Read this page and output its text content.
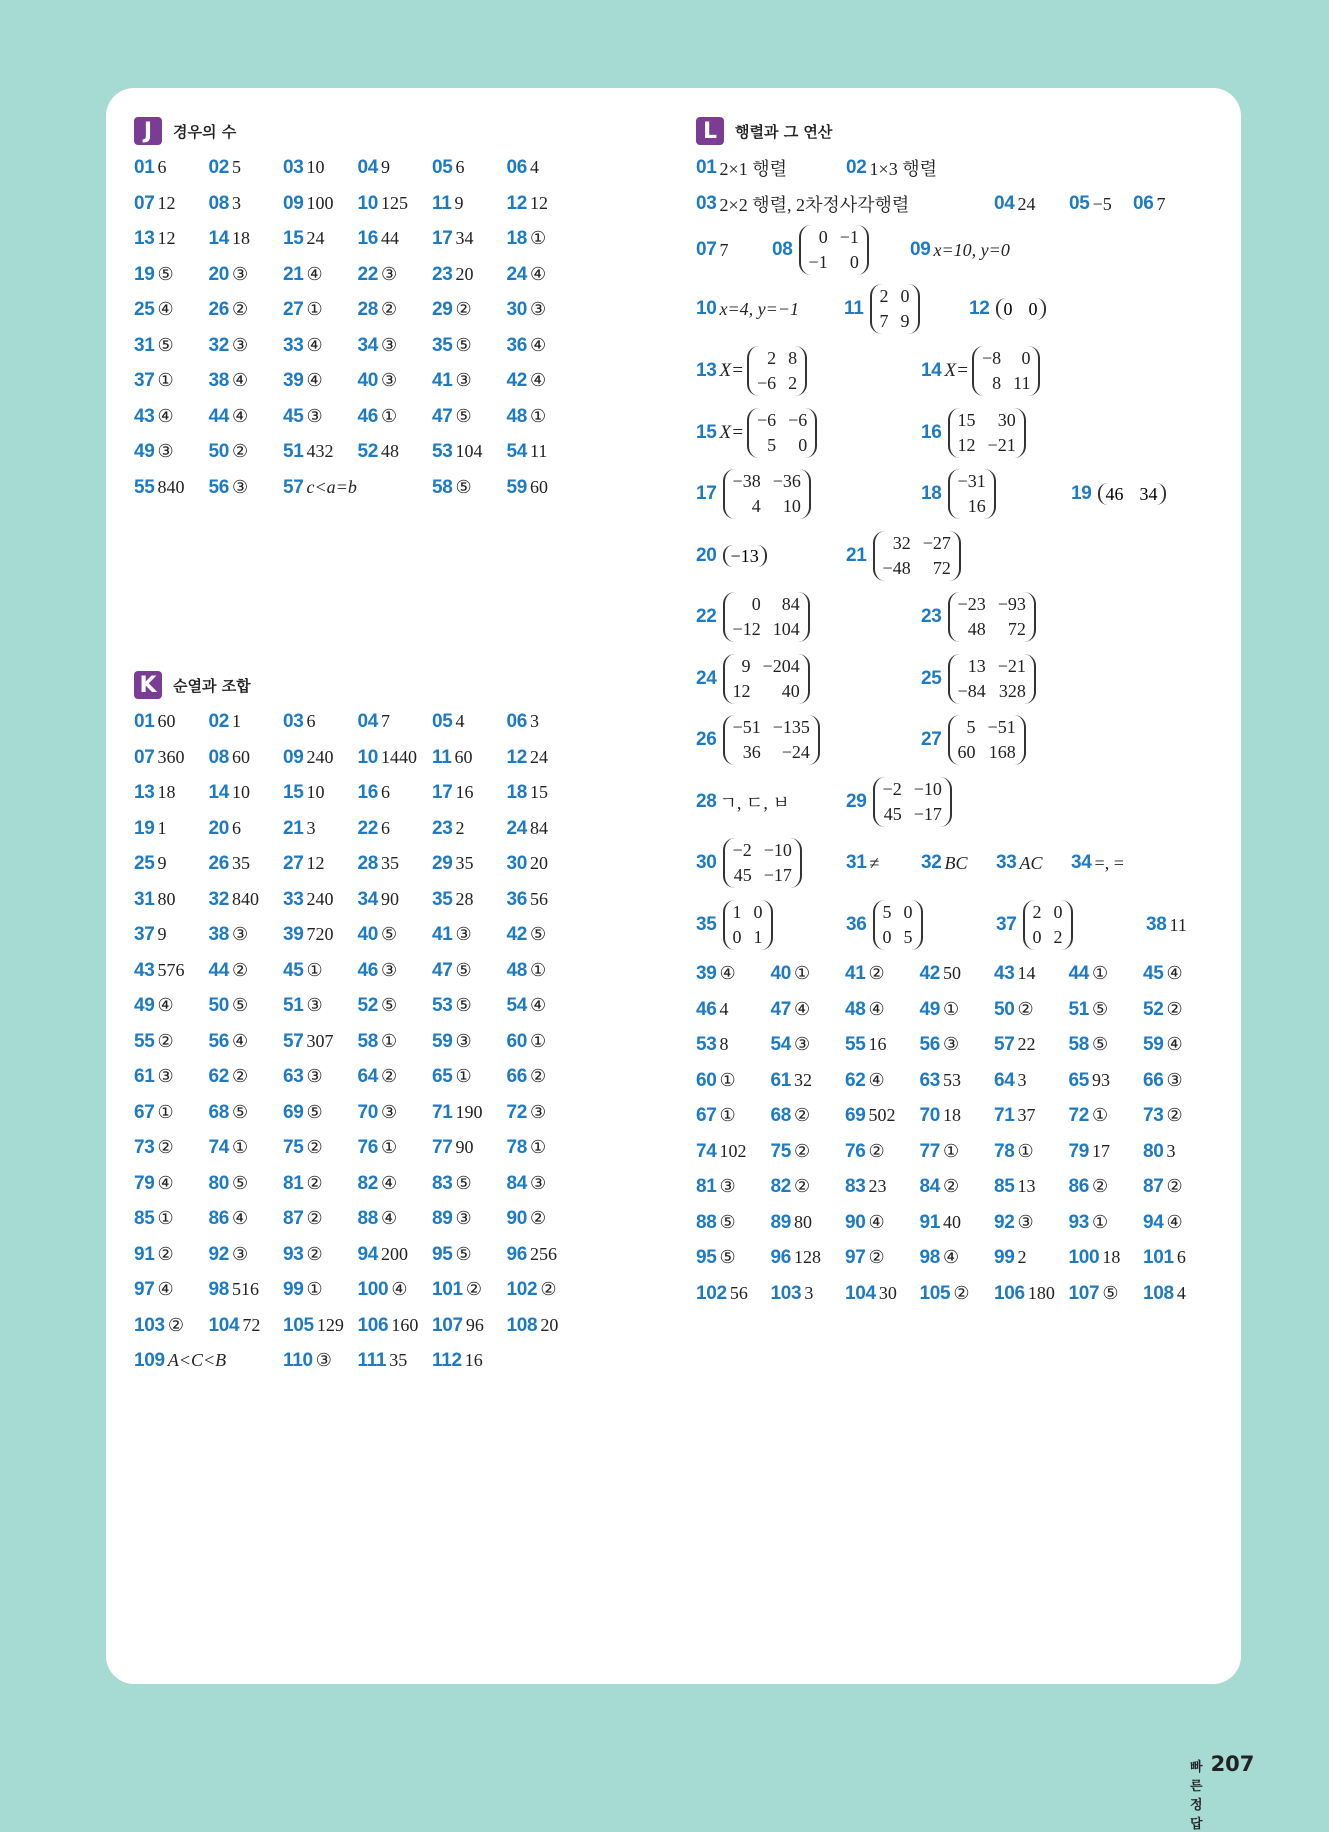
J	경우의 수
01 6	02 5	03 10	04 9	05 6	06 4
07 12	08 3	09 100	10 125	11 9	12 12
13 12	14 18	15 24	16 44	17 34	18 ①
19 ⑤	20 ③	21 ④	22 ③	23 20	24 ④
25 ④	26 ②	27 ①	28 ②	29 ②	30 ③
31 ⑤	32 ③	33 ④	34 ③	35 ⑤	36 ④
37 ①	38 ④	39 ④	40 ③	41 ③	42 ④
43 ④	44 ④	45 ③	46 ①	47 ⑤	48 ①
49 ③	50 ②	51 432	52 48	53 104	54 11
55 840	56 ③	57 c<a=b	58 ⑤	59 60
K	순열과 조합
01 60	02 1	03 6	04 7	05 4	06 3
07 360	08 60	09 240	10 1440 11 60	12 24
13 18	14 10	15 10	16 6	17 16	18 15
19 1	20 6	21 3	22 6	23 2	24 84
25 9	26 35	27 12	28 35	29 35	30 20
31 80	32 840	33 240	34 90	35 28	36 56
37 9	38 ③	39 720	40 ⑤	41 ③	42 ⑤
43 576	44 ②	45 ①	46 ③	47 ⑤	48 ①
49 ④	50 ⑤	51 ③	52 ⑤	53 ⑤	54 ④
55 ②	56 ④	57 307	58 ①	59 ③	60 ①
61 ③	62 ②	63 ③	64 ②	65 ①	66 ②
67 ①	68 ⑤	69 ⑤	70 ③	71 190	72 ③
73 ②	74 ①	75 ②	76 ①	77 90	78 ①
79 ④	80 ⑤	81 ②	82 ④	83 ⑤	84 ③
85 ①	86 ④	87 ②	88 ④	89 ③	90 ②
91 ②	92 ③	93 ②	94 200	95 ⑤	96 256
97 ④	98 516	99 ①	100 ④	101 ②	102 ②
103 ②	104 72	105 129 106 160 107 96	108 20
109 A<C<B	110 ③	111 35	112 16
L	행렬과 그 연산
01 2×1 행렬	02 1×3 행렬
03 2×2 행렬, 2차정사각행렬	04 24 05 −5 06 7
07 7 08
0 −1
−1	0
09 x=10, y=0
10 x=4, y=−1 11
2 0
7 9
12 0 0
13 X=
2 8
−6 2
14 X=
−8	0
8 11
15 X=
−6 −6
5	0
16
15	30
12 −21
17
−38 −36
4	10
18
−31
16
19 46 34
20 −13	21
32 −27
−48	72
22
0	84
−12 104
23
−23 −93
48	72
24
9 −204
12	40
25
13 −21
−84 328
26
−51 −135
36	−24
27
5 −51
60 168
28 ㄱ, ㄷ, ㅂ	29
−2 −10
45 −17
30
−2 −10
45 −17
31 ≠ 32 BC 33 AC 34 =, =
35
1 0
0 1
36
5 0
0 5
37
2 0
0 2
38 11
39 ④	40 ①	41 ②	42 50	43 14	44 ①	45 ④
46 4	47 ④	48 ④	49 ①	50 ②	51 ⑤	52 ②
53 8	54 ③	55 16	56 ③	57 22	58 ⑤	59 ④
60 ①	61 32	62 ④	63 53	64 3	65 93	66 ③
67 ①	68 ②	69 502	70 18	71 37	72 ①	73 ②
74 102	75 ②	76 ②	77 ①	78 ①	79 17	80 3
81 ③	82 ②	83 23	84 ②	85 13	86 ②	87 ②
88 ⑤	89 80	90 ④	91 40	92 ③	93 ①	94 ④
95 ⑤	96 128	97 ②	98 ④	99 2	100 18	101 6
102 56	103 3	104 30	105 ②	106 180 107 ⑤	108 4
빠른 정답
207
